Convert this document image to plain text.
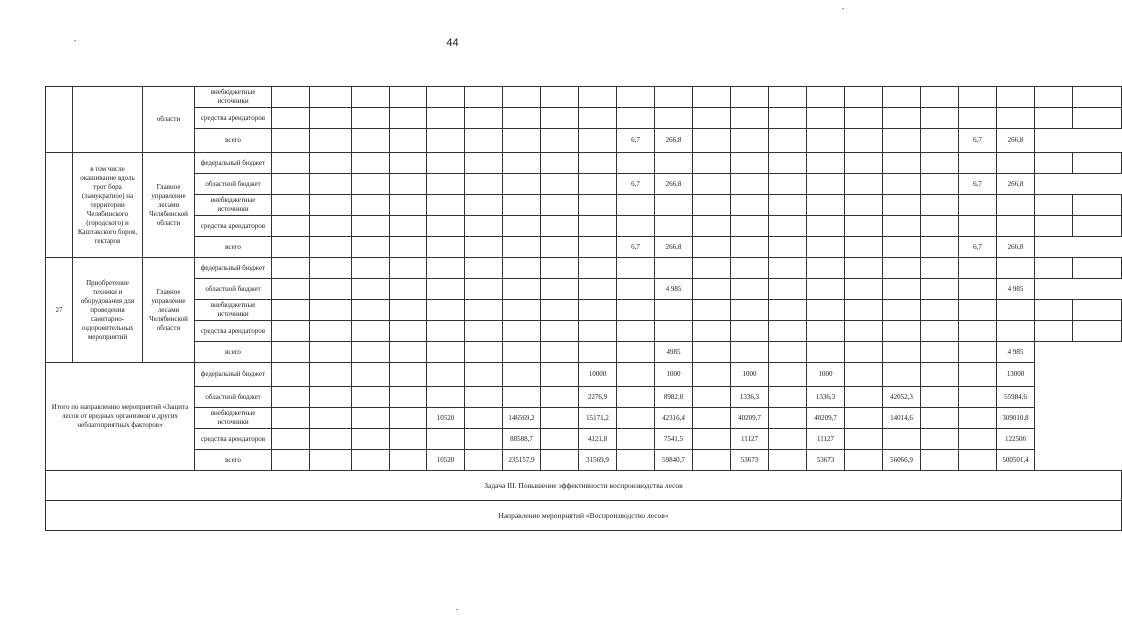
44
		области	внебюджетные источники																						
			средства арендаторов																						
			всего										6,7	266,8								6,7	266,8		
	в том числе окашивание вдоль трот бора (ламукратное) на территории Челябинского (городского) и Каштакского боров, гектаров	Главное управление лесами Челябинской области	федеральный бюджет																						
			областной бюджет										6,7	266,8								6,7	266,8		
			внебюджетные источники																						
			средства арендаторов																						
			всего										6,7	266,8								6,7	266,8		
27	Приобретение техники и оборудования для проведения санитарно-оздоровительных мероприятий	Главное управление лесами Челябинской области	федеральный бюджет																						
			областной бюджет											4 985									4 985		
			внебюджетные источники																						
			средства арендаторов																						
			всего											4985									4 985		
Итого по направлению мероприятий «Защита лесов от вредных организмов и других неблагоприятных факторов»			федеральный бюджет									10000		1000		1000		1000					13000		
			областной бюджет									2276,9		8982,8		1336,3		1336,3		42052,3			55984,6		
			внебюджетные источники					10520		146569,2		15171,2		42316,4		40209,7		40209,7		14014,6			309010,8		
			средства арендаторов							88588,7		4121,8		7541,5		11127		11127					122506		
			всего					10520		235157,9		31569,9		59840,7		53673		53673		56066,9			500501,4		
Задача III. Повышение эффективности воспроизводства лесов																									
Направление мероприятий «Воспроизводство лесов»																									
